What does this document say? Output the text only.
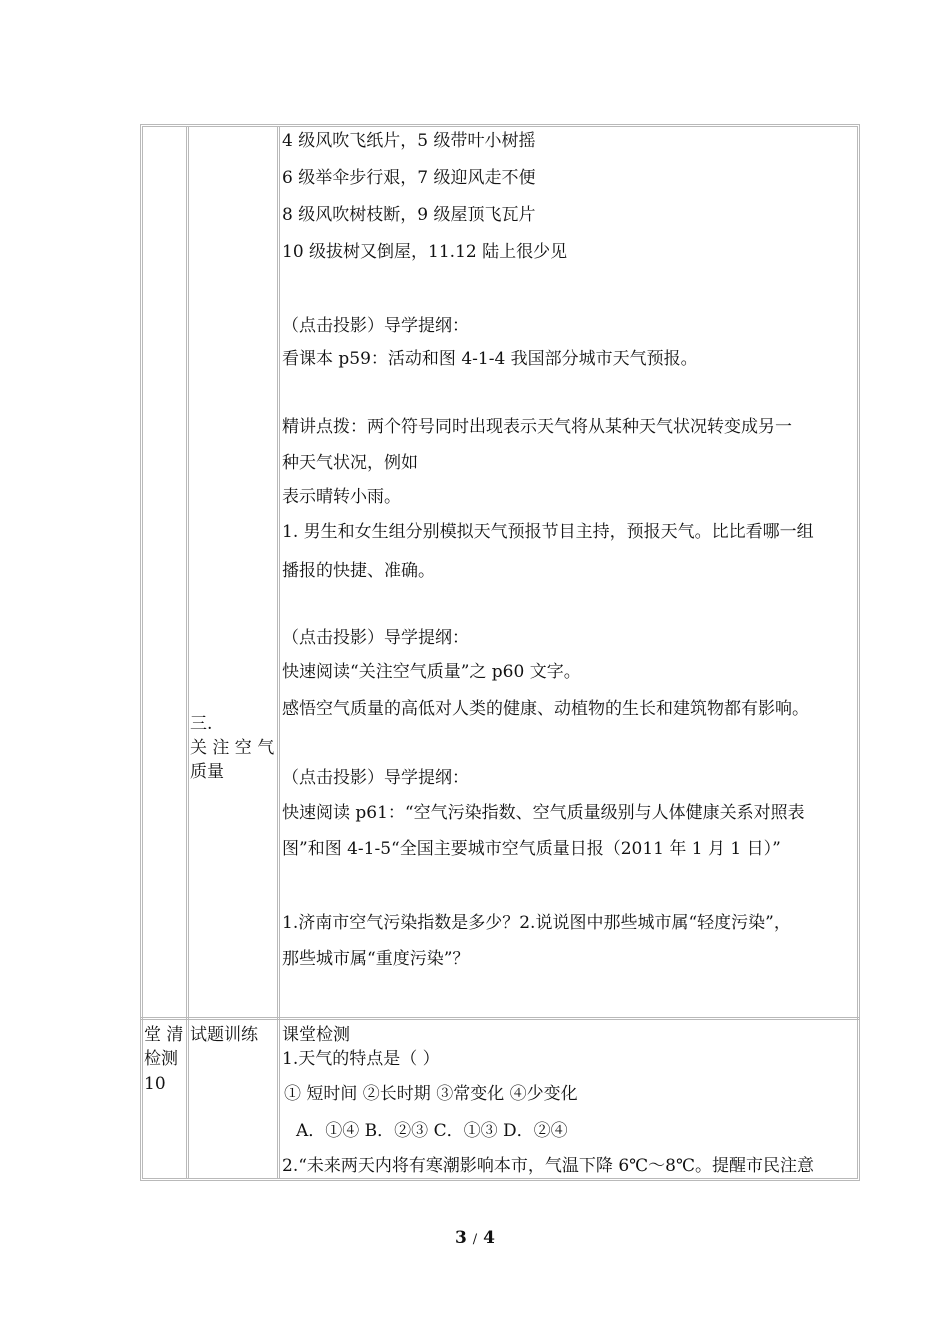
4 级风吹飞纸片，5 级带叶小树摇
6 级举伞步行艰，7 级迎风走不便
8 级风吹树枝断，9 级屋顶飞瓦片
10 级拔树又倒屋，11.12 陆上很少见
（点击投影）导学提纲：
看课本 p59：活动和图 4-1-4 我国部分城市天气预报。
精讲点拨：两个符号同时出现表示天气将从某种天气状况转变成另一
种天气状况，例如
表示晴转小雨。
1. 男生和女生组分别模拟天气预报节目主持，预报天气。比比看哪一组
播报的快捷、准确。
（点击投影）导学提纲：
快速阅读“关注空气质量”之 p60 文字。
感悟空气质量的高低对人类的健康、动植物的生长和建筑物都有影响。
三.
关 注 空 气
质量	（点击投影）导学提纲：
快速阅读 p61：“空气污染指数、空气质量级别与人体健康关系对照表
图”和图 4-1-5“全国主要城市空气质量日报（2011 年 1 月 1 日）”
1.济南市空气污染指数是多少？2.说说图中那些城市属“轻度污染”，
那些城市属“重度污染”？
堂 清
检测
10
试题训练 课堂检测
1.天气的特点是（ ）
① 短时间 ②长时期 ③常变化 ④少变化
A．①④ B．②③ C．①③ D．②④
2.“未来两天内将有寒潮影响本市，气温下降 6℃～8℃。提醒市民注意
3 / 4
